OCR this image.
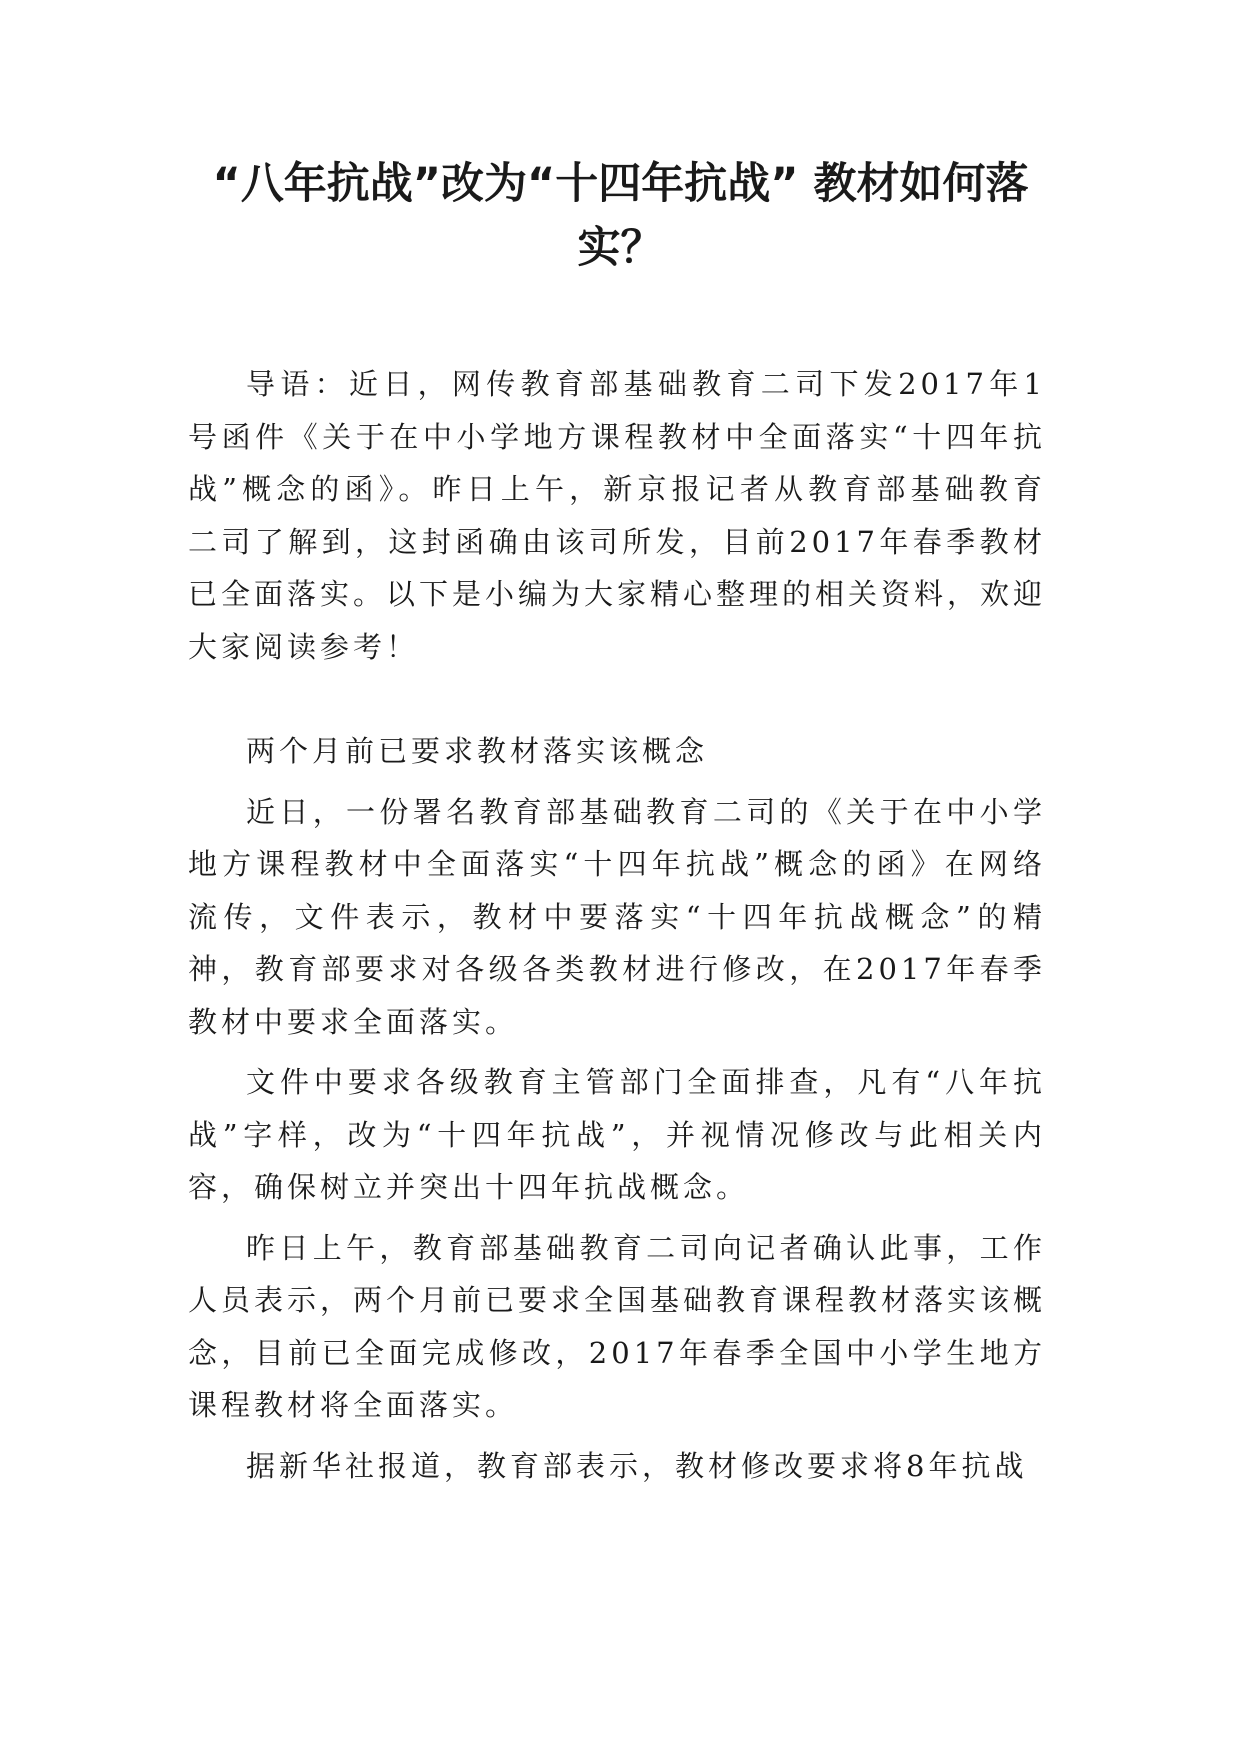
“八年抗战”改为“十四年抗战” 教材如何落实？

导语：近日，网传教育部基础教育二司下发2017年1号函件《关于在中小学地方课程教材中全面落实“十四年抗战”概念的函》。昨日上午，新京报记者从教育部基础教育二司了解到，这封函确由该司所发，目前2017年春季教材已全面落实。以下是小编为大家精心整理的相关资料，欢迎大家阅读参考！

两个月前已要求教材落实该概念

近日，一份署名教育部基础教育二司的《关于在中小学地方课程教材中全面落实“十四年抗战”概念的函》在网络流传，文件表示，教材中要落实“十四年抗战概念”的精神，教育部要求对各级各类教材进行修改，在2017年春季教材中要求全面落实。

文件中要求各级教育主管部门全面排查，凡有“八年抗战”字样，改为“十四年抗战”，并视情况修改与此相关内容，确保树立并突出十四年抗战概念。

昨日上午，教育部基础教育二司向记者确认此事，工作人员表示，两个月前已要求全国基础教育课程教材落实该概念，目前已全面完成修改，2017年春季全国中小学生地方课程教材将全面落实。

据新华社报道，教育部表示，教材修改要求将8年抗战
